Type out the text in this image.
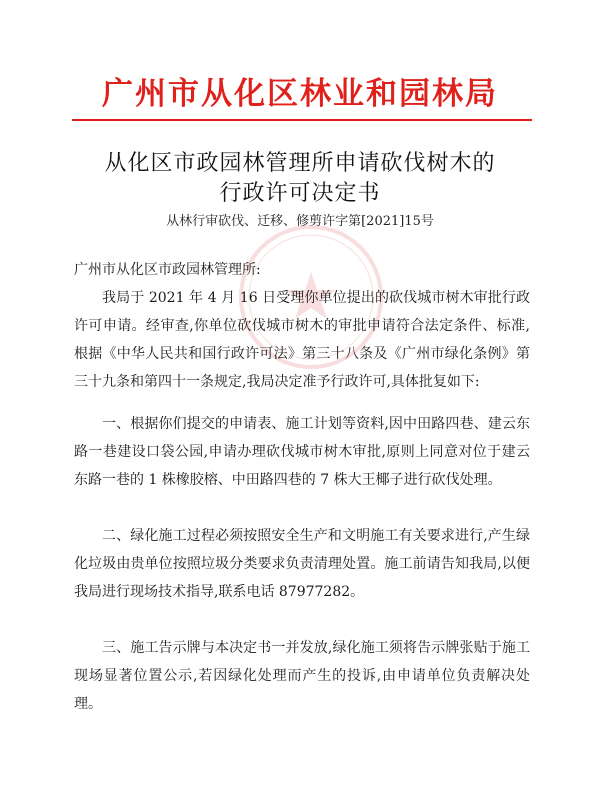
广州市从化区林业和园林局
从化区市政园林管理所申请砍伐树木的
行政许可决定书
从林行审砍伐、迁移、修剪许字第[2021]15号
广州市从化区市政园林管理所:
我局于 2021 年 4 月 16 日受理你单位提出的砍伐城市树木审批行政许可申请。经审查,你单位砍伐城市树木的审批申请符合法定条件、标准,根据《中华人民共和国行政许可法》第三十八条及《广州市绿化条例》第三十九条和第四十一条规定,我局决定准予行政许可,具体批复如下:
一、根据你们提交的申请表、施工计划等资料,因中田路四巷、建云东路一巷建设口袋公园,申请办理砍伐城市树木审批,原则上同意对位于建云东路一巷的 1 株橡胶榕、中田路四巷的 7 株大王椰子进行砍伐处理。
二、绿化施工过程必须按照安全生产和文明施工有关要求进行,产生绿化垃圾由贵单位按照垃圾分类要求负责清理处置。施工前请告知我局,以便我局进行现场技术指导,联系电话 87977282。
三、施工告示牌与本决定书一并发放,绿化施工须将告示牌张贴于施工现场显著位置公示,若因绿化处理而产生的投诉,由申请单位负责解决处理。
